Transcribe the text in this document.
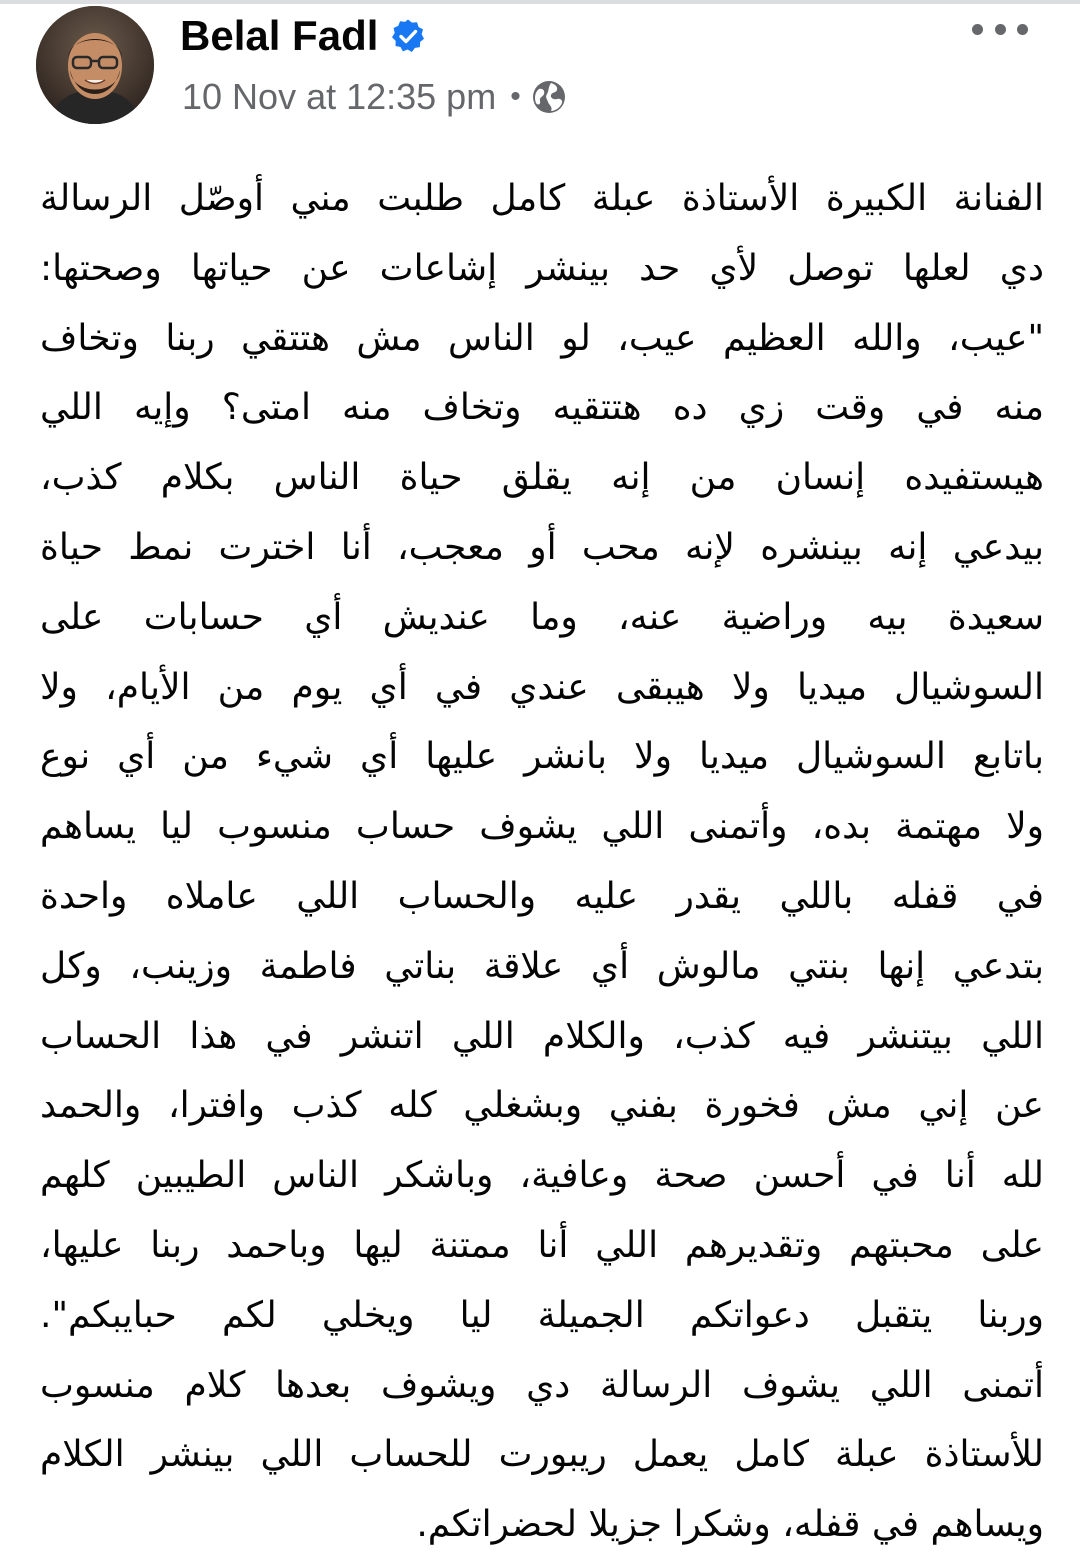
Belal Fadl
10 Nov at 12:35 pm •
الفنانة الكبيرة الأستاذة عبلة كامل طلبت مني أوصّل الرسالة
دي لعلها توصل لأي حد بينشر إشاعات عن حياتها وصحتها:
"عيب، والله العظيم عيب، لو الناس مش هتتقي ربنا وتخاف
منه في وقت زي ده هتتقيه وتخاف منه امتى؟ وإيه اللي
هيستفيده إنسان من إنه يقلق حياة الناس بكلام كذب،
بيدعي إنه بينشره لإنه محب أو معجب، أنا اخترت نمط حياة
سعيدة بيه وراضية عنه، وما عنديش أي حسابات على
السوشيال ميديا ولا هيبقى عندي في أي يوم من الأيام، ولا
باتابع السوشيال ميديا ولا بانشر عليها أي شيء من أي نوع
ولا مهتمة بده، وأتمنى اللي يشوف حساب منسوب ليا يساهم
في قفله باللي يقدر عليه والحساب اللي عاملاه واحدة
بتدعي إنها بنتي مالوش أي علاقة بناتي فاطمة وزينب، وكل
اللي بيتنشر فيه كذب، والكلام اللي اتنشر في هذا الحساب
عن إني مش فخورة بفني وبشغلي كله كذب وافترا، والحمد
لله أنا في أحسن صحة وعافية، وباشكر الناس الطيبين كلهم
على محبتهم وتقديرهم اللي أنا ممتنة ليها وباحمد ربنا عليها،
وربنا يتقبل دعواتكم الجميلة ليا ويخلي لكم حبايبكم".
أتمنى اللي يشوف الرسالة دي ويشوف بعدها كلام منسوب
للأستاذة عبلة كامل يعمل ريبورت للحساب اللي بينشر الكلام
ويساهم في قفله، وشكرا جزيلا لحضراتكم.
